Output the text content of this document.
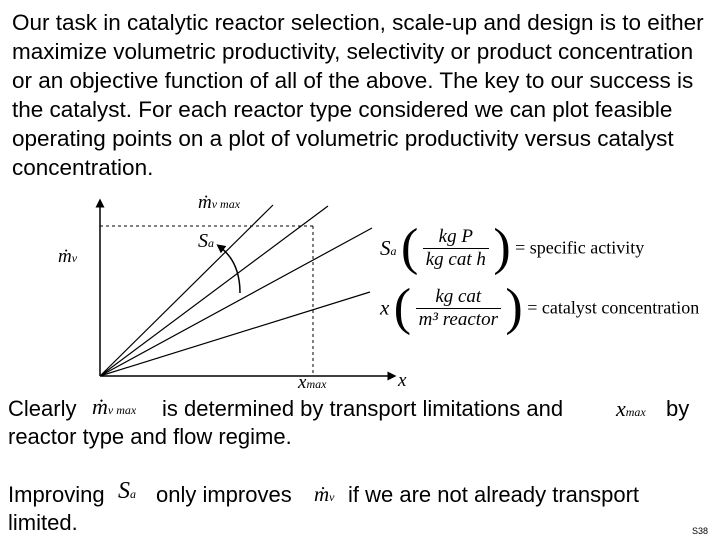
Our task in catalytic reactor selection, scale-up and design is to either maximize volumetric productivity, selectivity or product concentration or an objective function of all of the above. The key to our success is the catalyst. For each reactor type considered we can plot feasible operating points on a plot of volumetric productivity versus catalyst concentration.

ṁv
ṁv max
Sa
xmax	x
Sa ( $\frac{\text{kg P}}{\text{kg cat h}}$ ) = specific activity
x ( $\frac{\text{kg cat}}{\text{m³ reactor}}$ ) = catalyst concentration
Clearly ṁv max is determined by transport limitations and xmax by
reactor type and flow regime.
Improving Sa only improves ṁv if we are not already transport
limited.	S38
